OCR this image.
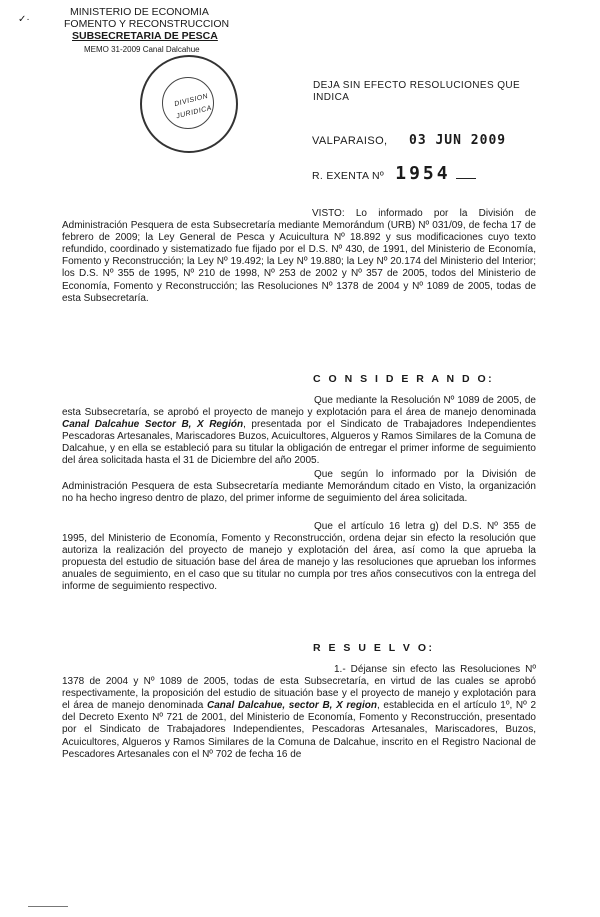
✓·
MINISTERIO DE ECONOMIA
FOMENTO Y RECONSTRUCCION
SUBSECRETARIA DE PESCA
MEMO 31-2009 Canal Dalcahue
DIVISION
JURIDICA
DEJA SIN EFECTO RESOLUCIONES QUE
INDICA
VALPARAISO, 03 JUN 2009
R. EXENTA Nº 1954
VISTO: Lo informado por la División de Administración Pesquera de esta Subsecretaría mediante Memorándum (URB) Nº 031/09, de fecha 17 de febrero de 2009; la Ley General de Pesca y Acuicultura Nº 18.892 y sus modificaciones cuyo texto refundido, coordinado y sistematizado fue fijado por el D.S. Nº 430, de 1991, del Ministerio de Economía, Fomento y Reconstrucción; la Ley Nº 19.492; la Ley Nº 19.880; la Ley Nº 20.174 del Ministerio del Interior; los D.S. Nº 355 de 1995, Nº 210 de 1998, Nº 253 de 2002 y Nº 357 de 2005, todos del Ministerio de Economía, Fomento y Reconstrucción; las Resoluciones Nº 1378 de 2004 y Nº 1089 de 2005, todas de esta Subsecretaría.
C O N S I D E R A N D O:
Que mediante la Resolución Nº 1089 de 2005, de esta Subsecretaría, se aprobó el proyecto de manejo y explotación para el área de manejo denominada Canal Dalcahue Sector B, X Región, presentada por el Sindicato de Trabajadores Independientes Pescadoras Artesanales, Mariscadores Buzos, Acuicultores, Algueros y Ramos Similares de la Comuna de Dalcahue, y en ella se estableció para su titular la obligación de entregar el primer informe de seguimiento del área solicitada hasta el 31 de Diciembre del año 2005.
Que según lo informado por la División de Administración Pesquera de esta Subsecretaría mediante Memorándum citado en Visto, la organización no ha hecho ingreso dentro de plazo, del primer informe de seguimiento del área solicitada.
Que el artículo 16 letra g) del D.S. Nº 355 de 1995, del Ministerio de Economía, Fomento y Reconstrucción, ordena dejar sin efecto la resolución que autoriza la realización del proyecto de manejo y explotación del área, así como la que aprueba la propuesta del estudio de situación base del área de manejo y las resoluciones que aprueban los informes anuales de seguimiento, en el caso que su titular no cumpla por tres años consecutivos con la entrega del informe de seguimiento respectivo.
R E S U E L V O:
1.- Déjanse sin efecto las Resoluciones Nº 1378 de 2004 y Nº 1089 de 2005, todas de esta Subsecretaría, en virtud de las cuales se aprobó respectivamente, la proposición del estudio de situación base y el proyecto de manejo y explotación para el área de manejo denominada Canal Dalcahue, sector B, X region, establecida en el artículo 1º, Nº 2 del Decreto Exento Nº 721 de 2001, del Ministerio de Economía, Fomento y Reconstrucción, presentado por el Sindicato de Trabajadores Independientes, Pescadoras Artesanales, Mariscadores, Buzos, Acuicultores, Algueros y Ramos Similares de la Comuna de Dalcahue, inscrito en el Registro Nacional de Pescadores Artesanales con el Nº 702 de fecha 16 de
